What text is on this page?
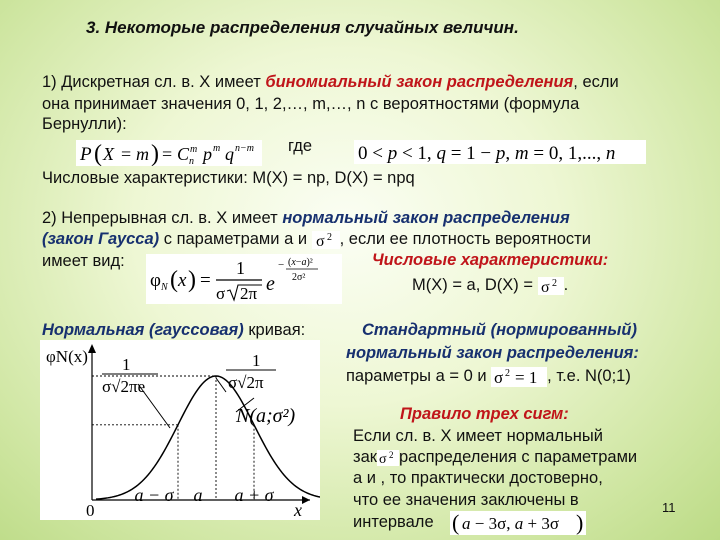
3. Некоторые распределения случайных величин.
1) Дискретная сл. в. X имеет биномиальный закон распределения, если
она принимает значения 0, 1, 2,…, m,…, n с вероятностями (формула
Бернулли):
P ( X = m ) = C m
n p m q n−m где 0 < p < 1, q = 1 − p, m = 0, 1,..., n
Числовые характеристики: M(X) = np, D(X) = npq
2) Непрерывная сл. в. X имеет нормальный закон распределения
(закон Гаусса) с параметрами a и σ 2 , если ее плотность вероятности
имеет вид:
φ N ( x ) =
1
σ 2π e
− (x−a)²
2σ²
Числовые характеристики:
M(X) = a, D(X) = σ 2 .
Нормальная (гауссовая) кривая:	Стандартный (нормированный)
нормальный закон распределения:
параметры a = 0 и σ 2 = 1 , т.е. N(0;1)
Правило трех сигм:
Если сл. в. X имеет нормальный
зак σ 2 распределения с параметрами
a и , то практически достоверно,
что ее значения заключены в
интервале ( a − 3σ, a + 3σ )
11
φN(x)	1
σ√2π
1
σ√2πe
N(a;σ²)
0	x
a − σ a a + σ
